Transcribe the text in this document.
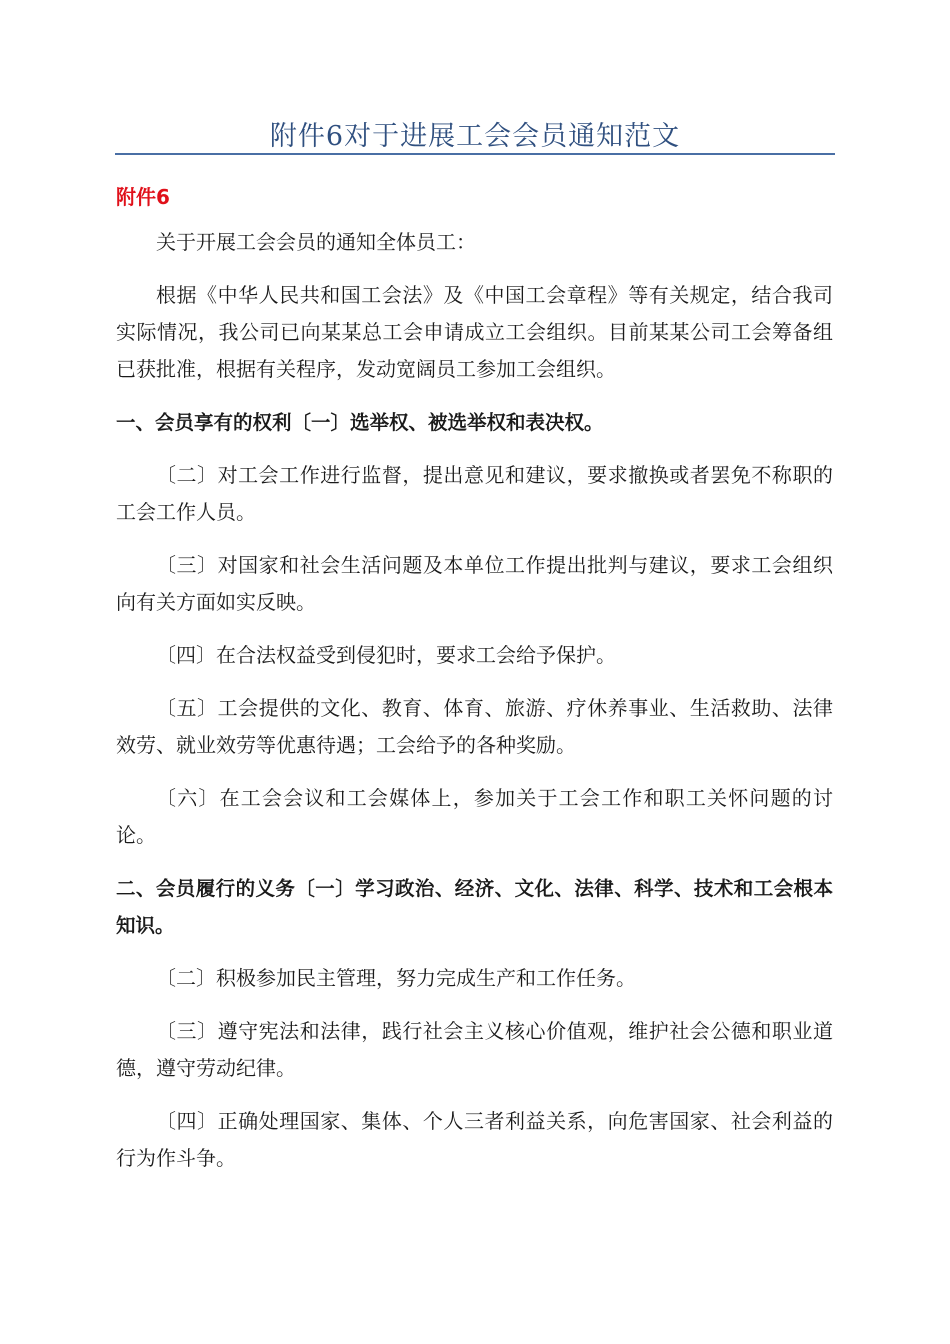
附件6对于进展工会会员通知范文
附件6

关于开展工会会员的通知全体员工：

根据《中华人民共和国工会法》及《中国工会章程》等有关规定，结合我司实际情况，我公司已向某某总工会申请成立工会组织。目前某某公司工会筹备组已获批准，根据有关程序，发动宽阔员工参加工会组织。

一、会员享有的权利〔一〕选举权、被选举权和表决权。

〔二〕对工会工作进行监督，提出意见和建议，要求撤换或者罢免不称职的工会工作人员。

〔三〕对国家和社会生活问题及本单位工作提出批判与建议，要求工会组织向有关方面如实反映。

〔四〕在合法权益受到侵犯时，要求工会给予保护。

〔五〕工会提供的文化、教育、体育、旅游、疗休养事业、生活救助、法律效劳、就业效劳等优惠待遇；工会给予的各种奖励。

〔六〕在工会会议和工会媒体上，参加关于工会工作和职工关怀问题的讨论。

二、会员履行的义务〔一〕学习政治、经济、文化、法律、科学、技术和工会根本知识。

〔二〕积极参加民主管理，努力完成生产和工作任务。

〔三〕遵守宪法和法律，践行社会主义核心价值观，维护社会公德和职业道德，遵守劳动纪律。

〔四〕正确处理国家、集体、个人三者利益关系，向危害国家、社会利益的行为作斗争。
